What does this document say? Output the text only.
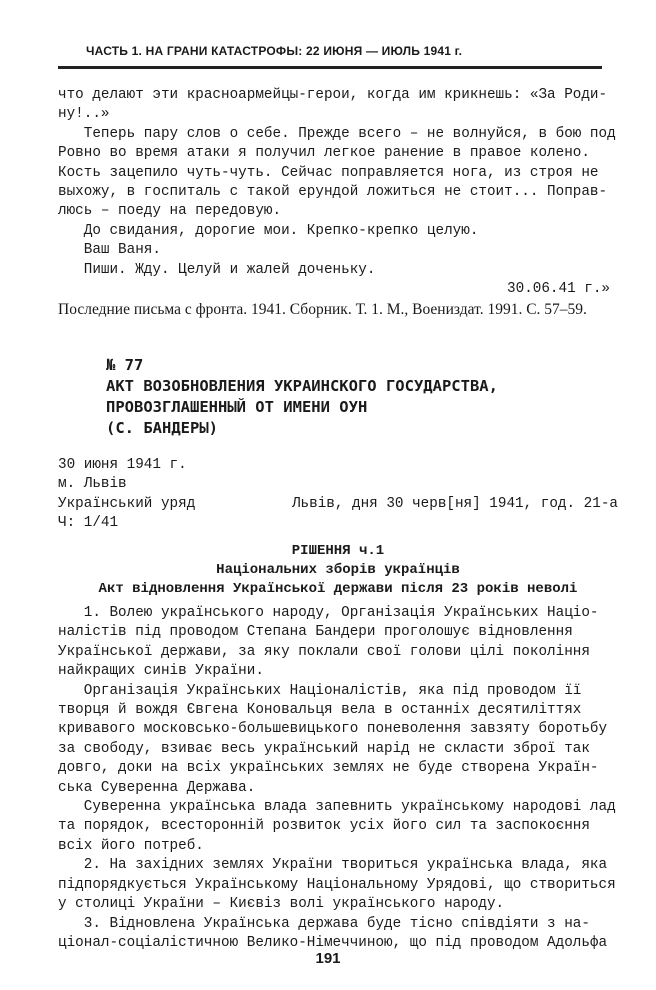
ЧАСТЬ 1. НА ГРАНИ КАТАСТРОФЫ: 22 ИЮНЯ — ИЮЛЬ 1941 г.
что делают эти красноармейцы-герои, когда им крикнешь: «За Роди-
ну!..»
Теперь пару слов о себе. Прежде всего – не волнуйся, в бою под
Ровно во время атаки я получил легкое ранение в правое колено.
Кость зацепило чуть-чуть. Сейчас поправляется нога, из строя не
выхожу, в госпиталь с такой ерундой ложиться не стоит... Поправ-
люсь – поеду на передовую.
До свидания, дорогие мои. Крепко-крепко целую.
Ваш Ваня.
Пиши. Жду. Целуй и жалей доченьку.
30.06.41 г.»
Последние письма с фронта. 1941. Сборник. Т. 1. М., Воениздат. 1991. С. 57–59.
№ 77
АКТ ВОЗОБНОВЛЕНИЯ УКРАИНСКОГО ГОСУДАРСТВА,
ПРОВОЗГЛАШЕННЫЙ ОТ ИМЕНИ ОУН
(С. БАНДЕРЫ)
30 июня 1941 г.
м. Львів
Український уряд	Львів, дня 30 черв[ня] 1941, год. 21-а
Ч: 1/41
РІШЕННЯ ч.1
Національних зборів українців
Акт відновлення Української держави після 23 років неволі
1. Волею українського народу, Організація Українських Націо-
налістів під проводом Степана Бандери проголошує відновлення
Української держави, за яку поклали свої голови цілі покоління
найкращих синів України.
Організація Українських Націоналістів, яка під проводом її
творця й вождя Євгена Коновальця вела в останніх десятиліттях
кривавого московсько-большевицького поневолення завзяту боротьбу
за свободу, взиває весь український нарід не скласти зброї так
довго, доки на всіх українських землях не буде створена Україн-
ська Суверенна Держава.
Суверенна українська влада запевнить українському народові лад
та порядок, всесторонній розвиток усіх його сил та заспокоєння
всіх його потреб.
2. На західних землях України твориться українська влада, яка
підпорядкується Українському Національному Урядові, що створиться
у столиці України – Києвіз волі українського народу.
3. Відновлена Українська держава буде тісно співдіяти з на-
ціонал-соціалістичною Велико-Німеччиною, що під проводом Адольфа
191
